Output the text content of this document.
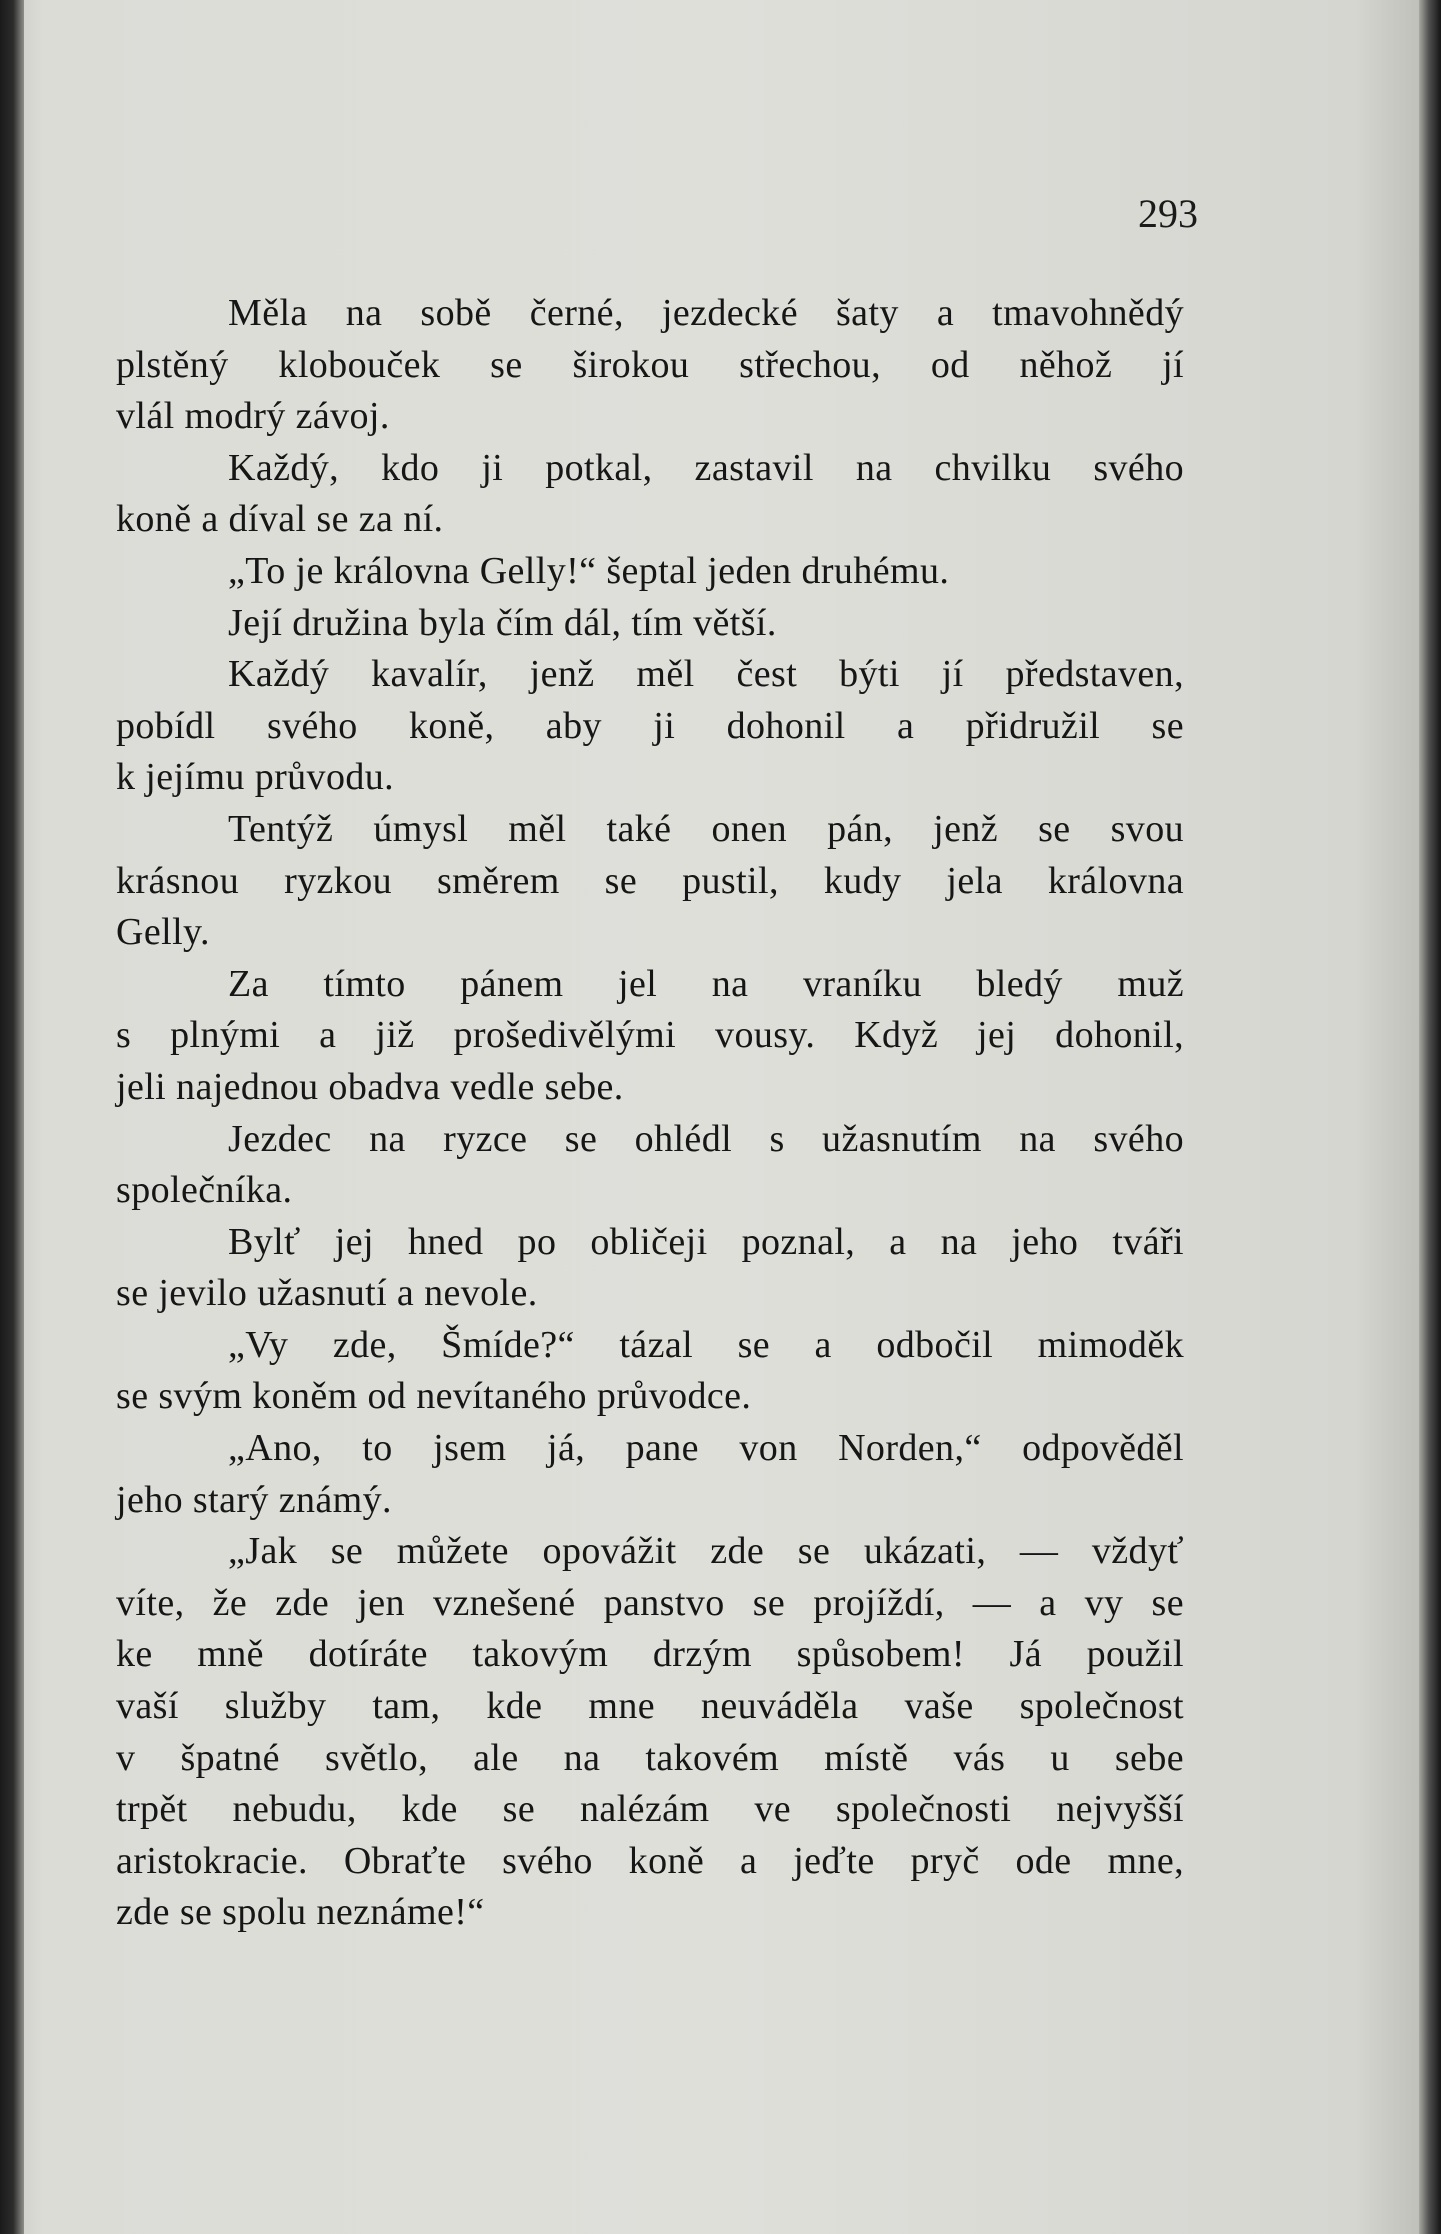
293
Měla na sobě černé, jezdecké šaty a tmavohnědý
plstěný klobouček se širokou střechou, od něhož jí
vlál modrý závoj.
Každý, kdo ji potkal, zastavil na chvilku svého
koně a díval se za ní.
„To je královna Gelly!“ šeptal jeden druhému.
Její družina byla čím dál, tím větší.
Každý kavalír, jenž měl čest býti jí představen,
pobídl svého koně, aby ji dohonil a přidružil se
k jejímu průvodu.
Tentýž úmysl měl také onen pán, jenž se svou
krásnou ryzkou směrem se pustil, kudy jela královna
Gelly.
Za tímto pánem jel na vraníku bledý muž
s plnými a již prošedivělými vousy. Když jej dohonil,
jeli najednou obadva vedle sebe.
Jezdec na ryzce se ohlédl s užasnutím na svého
společníka.
Bylť jej hned po obličeji poznal, a na jeho tváři
se jevilo užasnutí a nevole.
„Vy zde, Šmíde?“ tázal se a odbočil mimoděk
se svým koněm od nevítaného průvodce.
„Ano, to jsem já, pane von Norden,“ odpověděl
jeho starý známý.
„Jak se můžete opovážit zde se ukázati, — vždyť
víte, že zde jen vznešené panstvo se projíždí, — a vy se
ke mně dotíráte takovým drzým spůsobem! Já použil
vaší služby tam, kde mne neuváděla vaše společnost
v špatné světlo, ale na takovém místě vás u sebe
trpět nebudu, kde se nalézám ve společnosti nejvyšší
aristokracie. Obraťte svého koně a jeďte pryč ode mne,
zde se spolu neznáme!“
